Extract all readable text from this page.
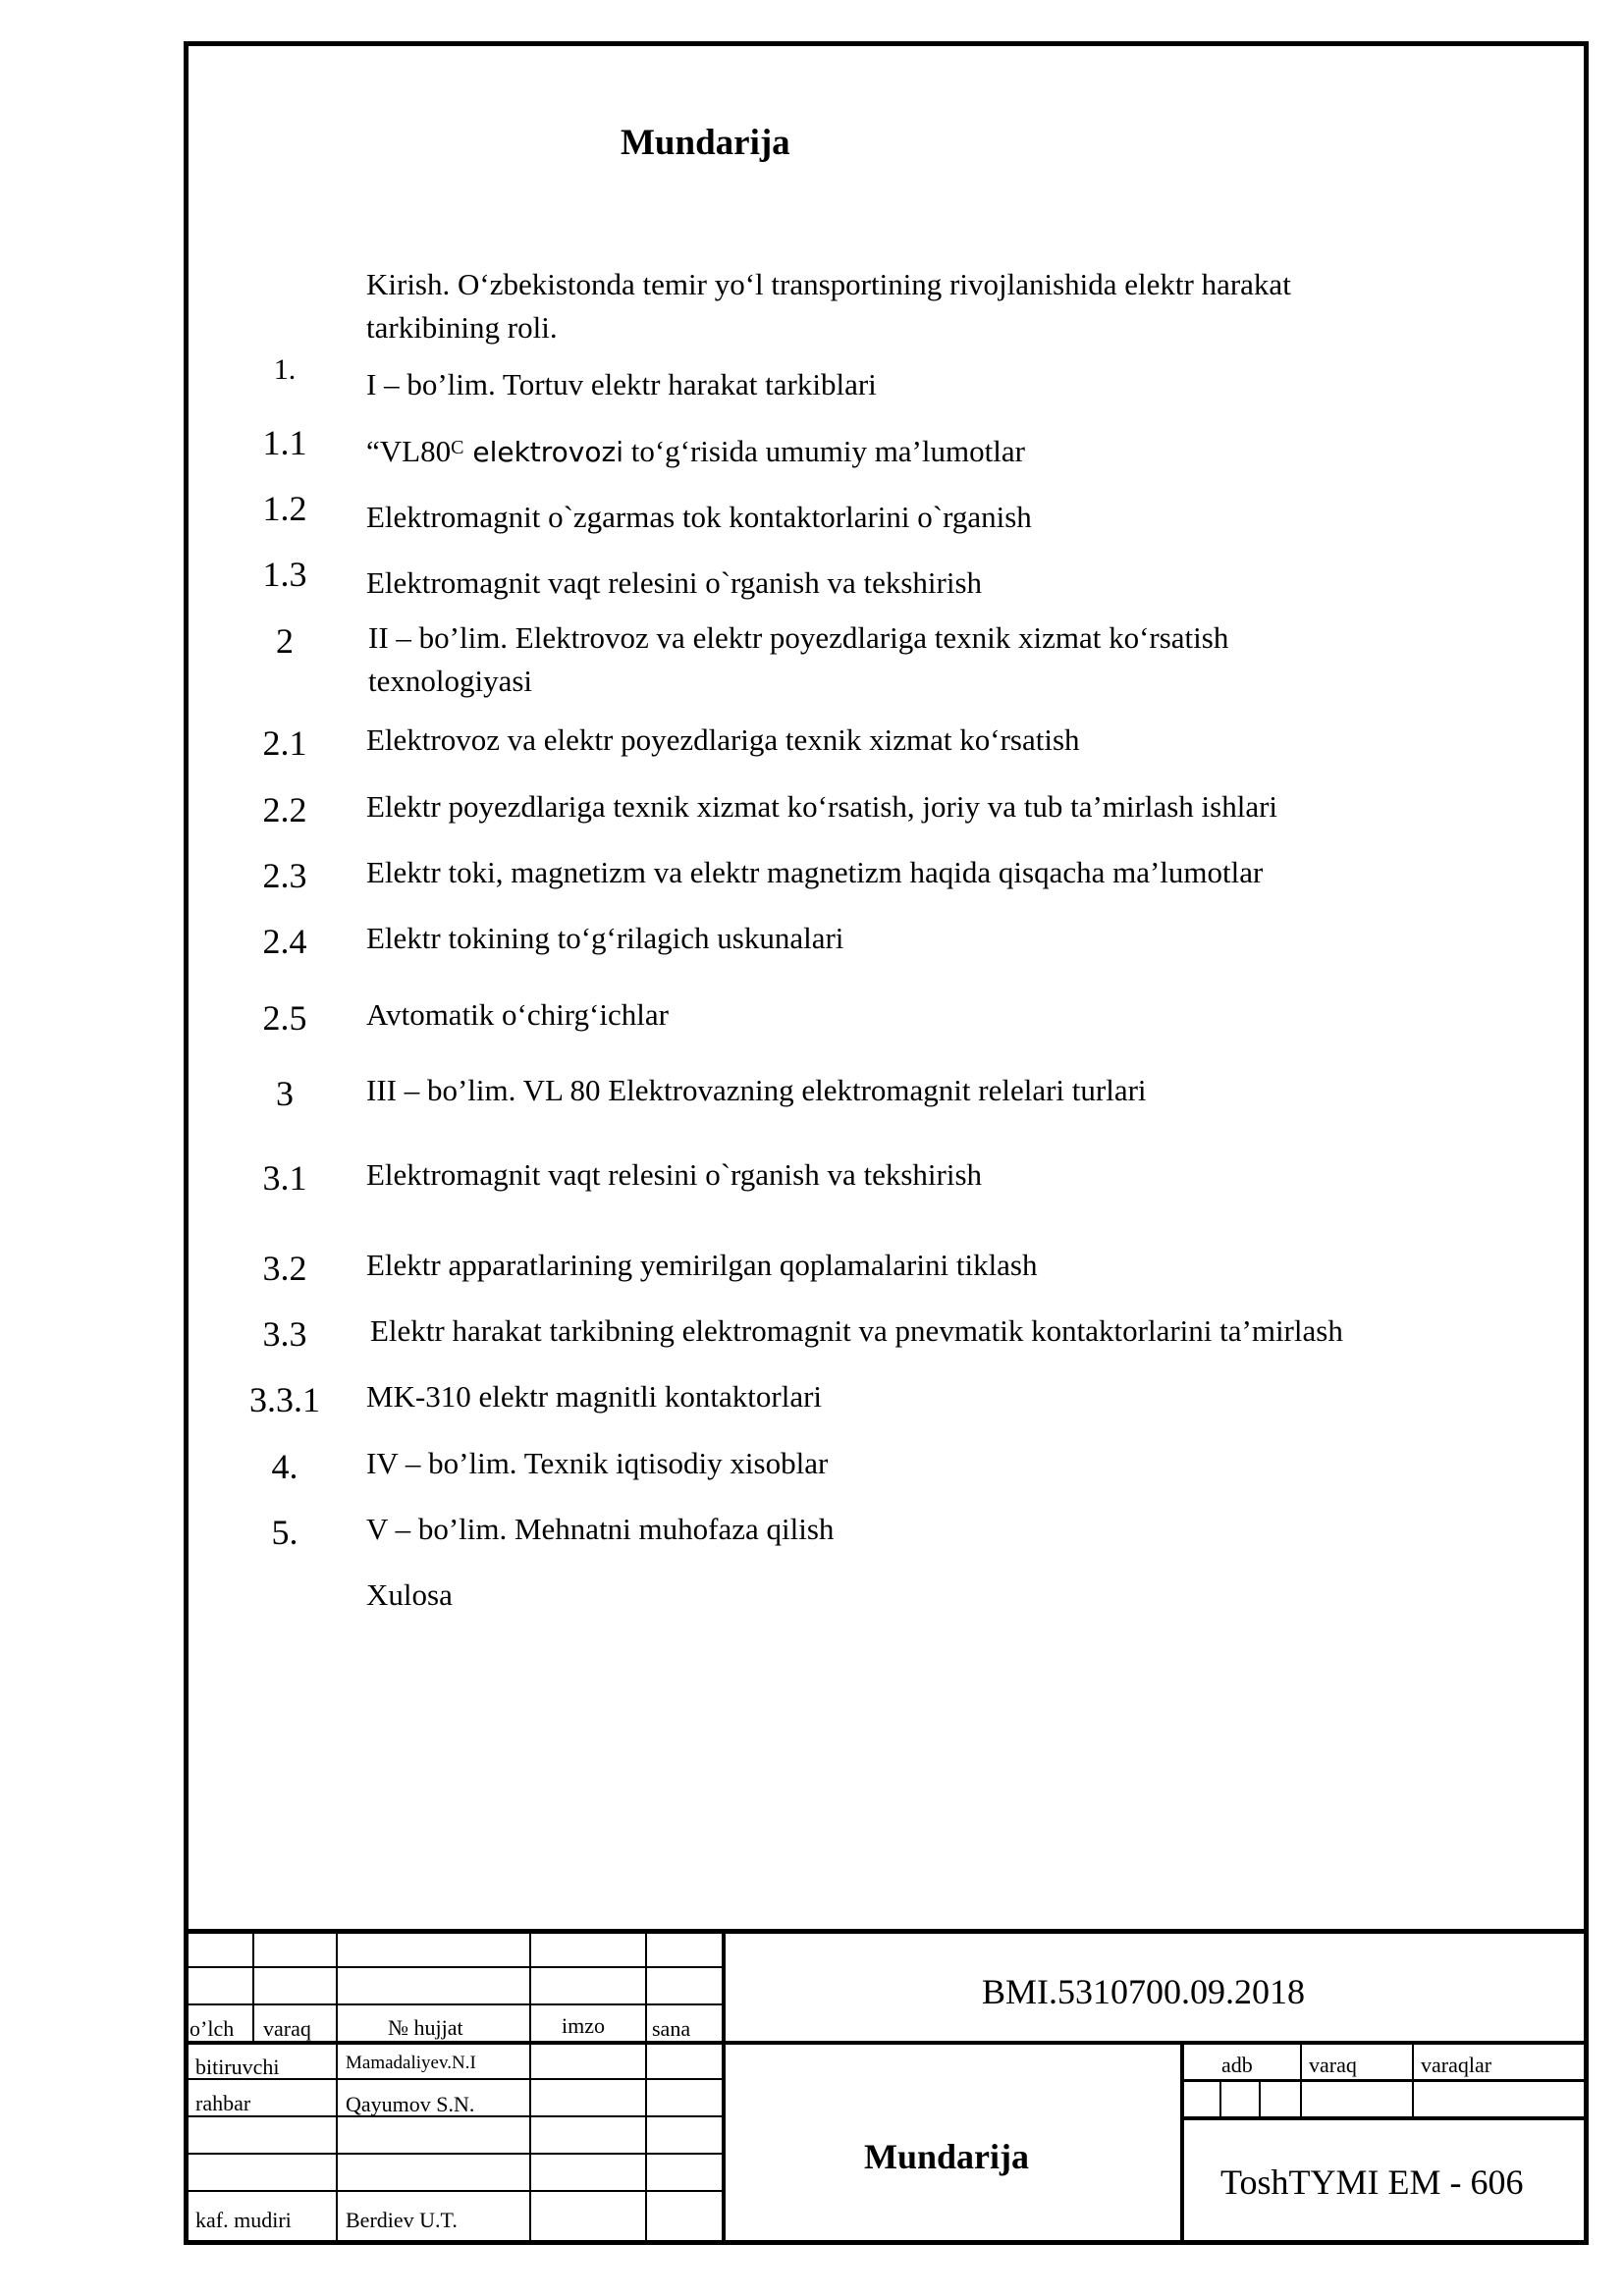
Mundarija
Kirish. O‘zbekistonda temir yo‘l transportining rivojlanishida elektr harakat
tarkibining roli.
1.	I – bo’lim. Tortuv elektr harakat tarkiblari
1.1	“$VL80^C$ elektrovozi to‘g‘risida umumiy ma’lumotlar
1.2	Elektromagnit o`zgarmas tok kontaktorlarini o`rganish
1.3	Elektromagnit vaqt relesini o`rganish va tekshirish
2	II – bo’lim. Elektrovoz va elektr poyezdlariga texnik xizmat ko‘rsatish
texnologiyasi
2.1	Elektrovoz va elektr poyezdlariga texnik xizmat ko‘rsatish
2.2	Elektr poyezdlariga texnik xizmat ko‘rsatish, joriy va tub ta’mirlash ishlari
2.3	Elektr toki, magnetizm va elektr magnetizm haqida qisqacha ma’lumotlar
2.4	Elektr tokining to‘g‘rilagich uskunalari
2.5	Avtomatik o‘chirg‘ichlar
3	III – bo’lim. VL 80 Elektrovazning elektromagnit relelari turlari
3.1	Elektromagnit vaqt relesini o`rganish va tekshirish
3.2	Elektr apparatlarining yemirilgan qoplamalarini tiklash
3.3	Elektr harakat tarkibning elektromagnit va pnevmatik kontaktorlarini ta’mirlash
3.3.1	MK-310 elektr magnitli kontaktorlari
4.	IV – bo’lim. Texnik iqtisodiy xisoblar
5.	V – bo’lim. Mehnatni muhofaza qilish
Xulosa
o’lch varaq	№ hujjat	imzo sana
bitiruvchi	Mamadaliyev.N.I
rahbar	Qayumov S.N.
kaf. mudiri	Berdiev U.T.
BMI.5310700.09.2018
Mundarija
adb	varaq	varaqlar
ToshTYMI EM - 606
